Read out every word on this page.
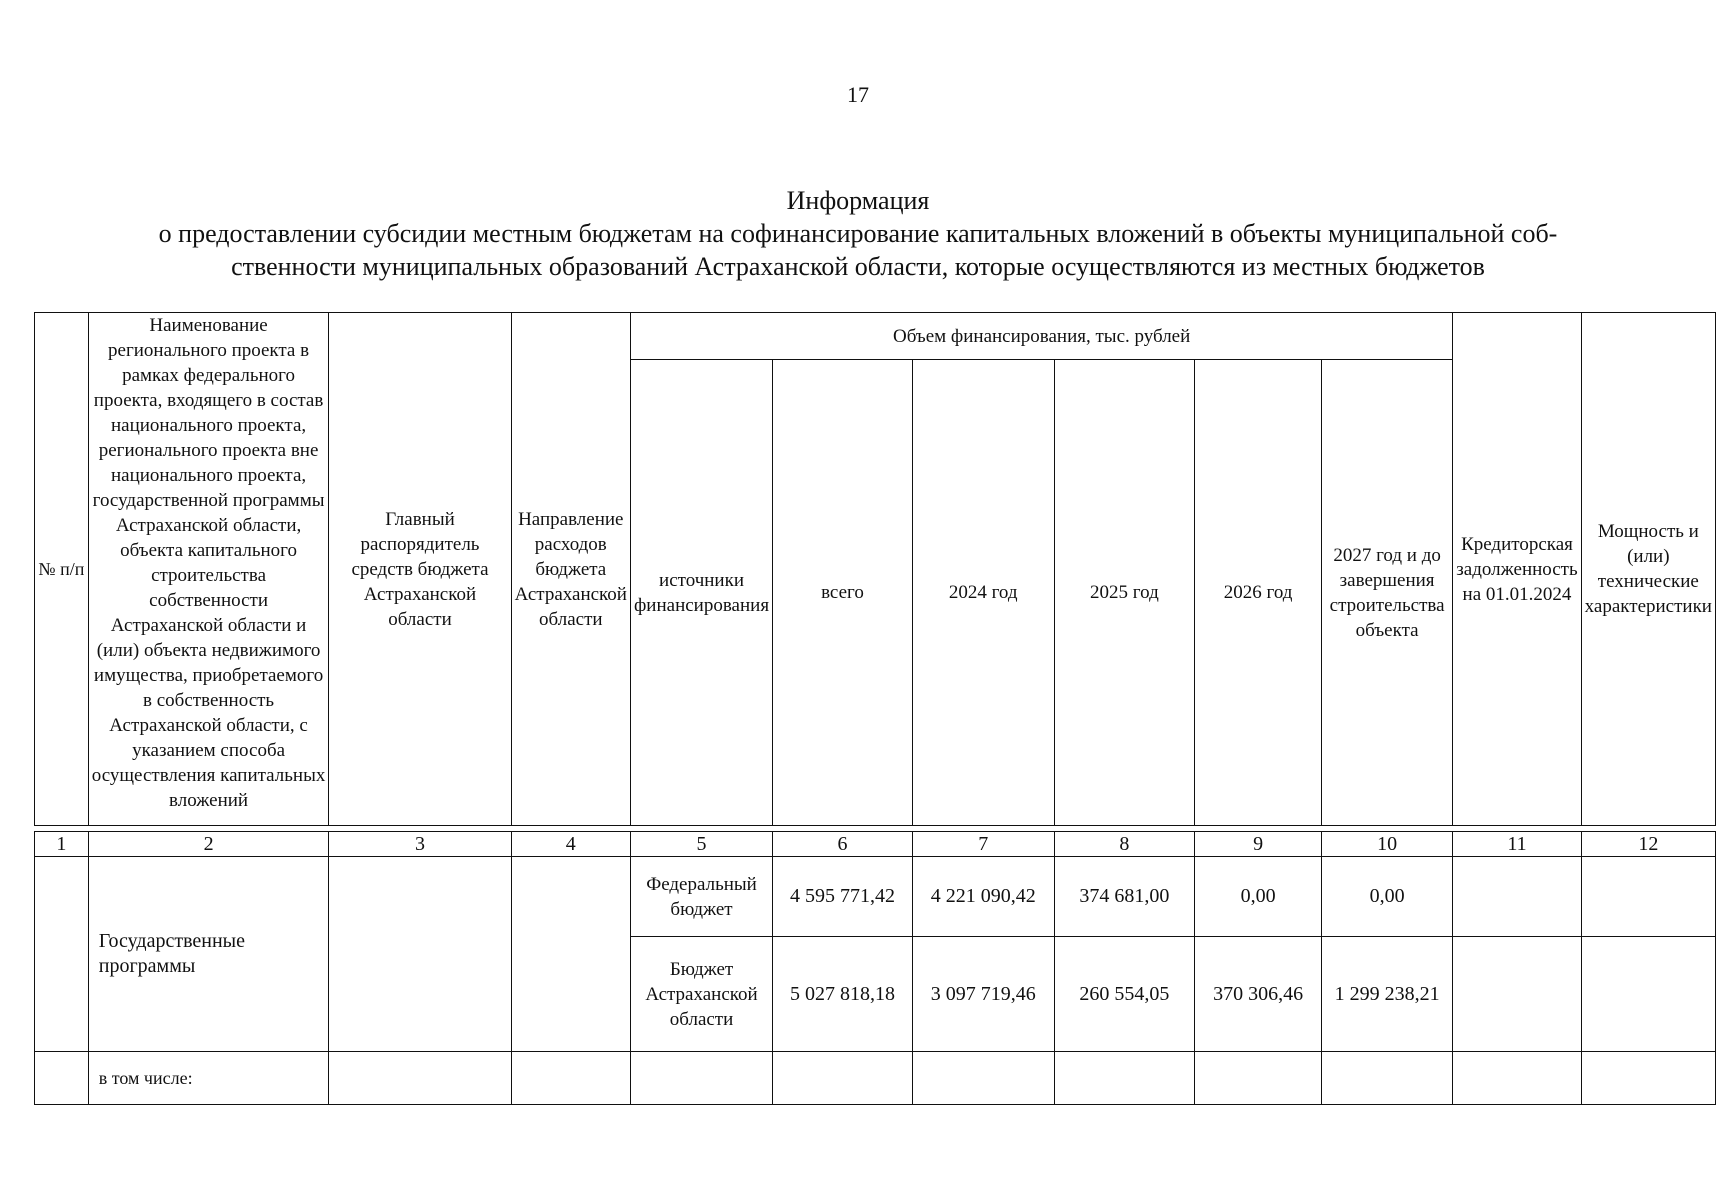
17
Информация
о предоставлении субсидии местным бюджетам на софинансирование капитальных вложений в объекты муниципальной соб-
ственности муниципальных образований Астраханской области, которые осуществляются из местных бюджетов
№ п/п	Наименование регионального проекта в рамках федерального проекта, входящего в состав национального проекта, регионального проекта вне национального проекта, государственной программы Астраханской области, объекта капитального строительства собственности Астраханской области и (или) объекта недвижимого имущества, приобретаемого в собственность Астраханской области, с указанием способа осуществления капитальных вложений	Главный распорядитель средств бюджета Астраханской области	Направление расходов бюджета Астраханской области	Объем финансирования, тыс. рублей						Кредиторская задолженность на 01.01.2024	Мощность и (или) технические характеристики
				источники финансирования	всего	2024 год	2025 год	2026 год	2027 год и до завершения строительства объекта		

1	2	3	4	5	6	7	8	9	10	11	12
	Государственные программы			Федеральный бюджет	4 595 771,42	4 221 090,42	374 681,00	0,00	0,00		
				Бюджет Астраханской области	5 027 818,18	3 097 719,46	260 554,05	370 306,46	1 299 238,21		
	в том числе:										
